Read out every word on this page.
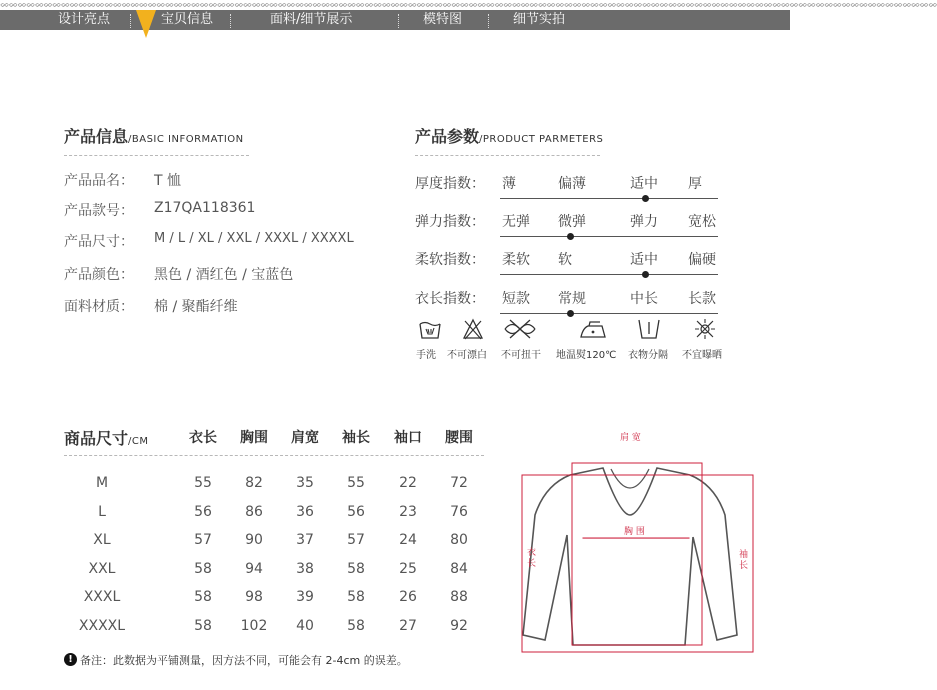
ᨖᨖᨖᨖᨖᨖᨖᨖᨖᨖᨖᨖᨖᨖᨖᨖᨖᨖᨖᨖᨖᨖᨖᨖᨖᨖᨖᨖᨖᨖᨖᨖᨖᨖᨖᨖᨖᨖᨖᨖᨖᨖᨖᨖᨖᨖᨖᨖᨖᨖᨖᨖᨖᨖᨖᨖᨖᨖᨖᨖᨖᨖᨖᨖᨖᨖᨖᨖᨖᨖᨖᨖᨖᨖᨖᨖᨖᨖᨖᨖᨖᨖᨖᨖᨖᨖᨖᨖᨖᨖᨖᨖᨖᨖᨖᨖᨖᨖᨖᨖᨖᨖᨖᨖᨖᨖᨖᨖ
设计亮点	宝贝信息	面料/细节展示	模特图	细节实拍
产品信息/BASIC INFORMATION
产品品名： T 恤
产品款号： Z17QA118361
产品尺寸： M / L / XL / XXL / XXXL / XXXXL
产品颜色： 黑色 / 酒红色 / 宝蓝色
面料材质： 棉 / 聚酯纤维
产品参数/PRODUCT PARMETERS
厚度指数： 薄	偏薄	适中 厚
弹力指数： 无弹 微弹	弹力 宽松
柔软指数： 柔软 软	适中 偏硬
衣长指数： 短款 常规	中长 长款
手洗 不可漂白 不可扭干 地温熨120℃ 衣物分隔 不宜曝晒
商品尺寸/CM	衣长	胸围	肩宽	袖长	袖口	腰围
M	55	82	35	55	22	72
L	56	86	36	56	23	76
XL	57	90	37	57	24	80
XXL	58	94	38	58	25	84
XXXL	58	98	39	58	26	88
XXXXL	58	102	40	58	27	92
! 备注：此数据为平铺测量，因方法不同，可能会有 2-4cm 的误差。
肩 宽
胸 围
衣 长
袖 长
